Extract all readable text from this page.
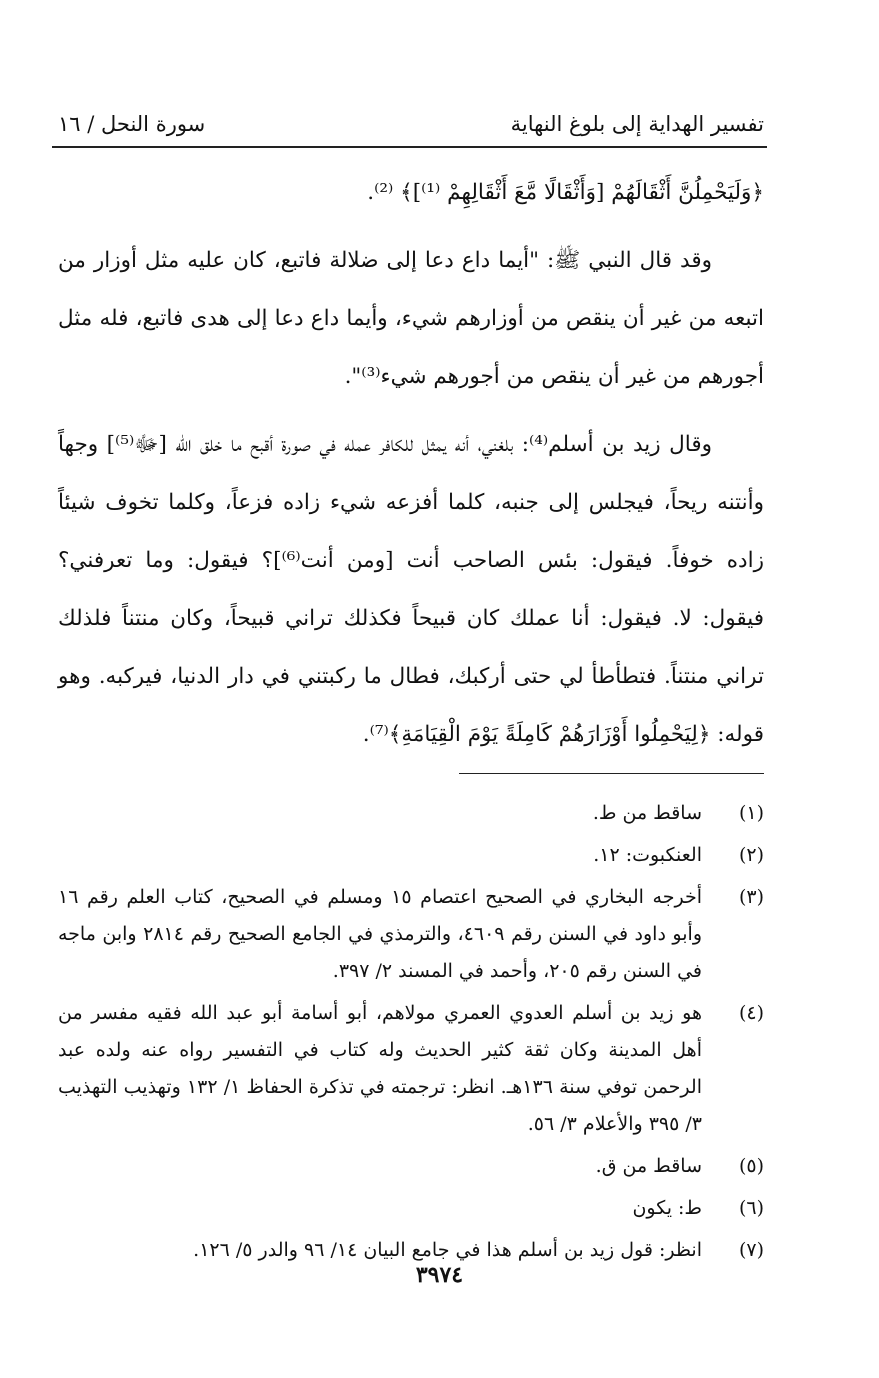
تفسير الهداية إلى بلوغ النهاية
سورة النحل / ١٦

﴿وَلَيَحْمِلُنَّ أَثْقَالَهُمْ [وَأَثْقَالًا مَّعَ أَثْقَالِهِمْ ⁽¹⁾]﴾ ⁽²⁾.

وقد قال النبي ﷺ: "أيما داع دعا إلى ضلالة فاتبع، كان عليه مثل أوزار من اتبعه من غير أن ينقص من أوزارهم شيء، وأيما داع دعا إلى هدى فاتبع، فله مثل أجورهم من غير أن ينقص من أجورهم شيء⁽³⁾".

وقال زيد بن أسلم⁽⁴⁾: بلغني، أنه يمثل للكافر عمله في صورة أقبح ما خلق الله [ﷻ⁽⁵⁾] وجهاً وأنتنه ريحاً، فيجلس إلى جنبه، كلما أفزعه شيء زاده فزعاً، وكلما تخوف شيئاً زاده خوفاً. فيقول: بئس الصاحب أنت [ومن أنت⁽⁶⁾]؟ فيقول: وما تعرفني؟ فيقول: لا. فيقول: أنا عملك كان قبيحاً فكذلك تراني قبيحاً، وكان منتناً فلذلك تراني منتناً. فتطأطأ لي حتى أركبك، فطال ما ركبتني في دار الدنيا، فيركبه. وهو قوله: ﴿لِيَحْمِلُوا أَوْزَارَهُمْ كَامِلَةً يَوْمَ الْقِيَامَةِ﴾⁽⁷⁾.

(١)
ساقط من ط.
(٢)
العنكبوت: ١٢.
(٣)
أخرجه البخاري في الصحيح اعتصام ١٥ ومسلم في الصحيح، كتاب العلم رقم ١٦ وأبو داود في السنن رقم ٤٦٠٩، والترمذي في الجامع الصحيح رقم ٢٨١٤ وابن ماجه في السنن رقم ٢٠٥، وأحمد في المسند ٢/ ٣٩٧.
(٤)
هو زيد بن أسلم العدوي العمري مولاهم، أبو أسامة أبو عبد الله فقيه مفسر من أهل المدينة وكان ثقة كثير الحديث وله كتاب في التفسير رواه عنه ولده عبد الرحمن توفي سنة ١٣٦هـ. انظر: ترجمته في تذكرة الحفاظ ١/ ١٣٢ وتهذيب التهذيب ٣/ ٣٩٥ والأعلام ٣/ ٥٦.
(٥)
ساقط من ق.
(٦)
ط: يكون
(٧)
انظر: قول زيد بن أسلم هذا في جامع البيان ١٤/ ٩٦ والدر ٥/ ١٢٦.
٣٩٧٤
